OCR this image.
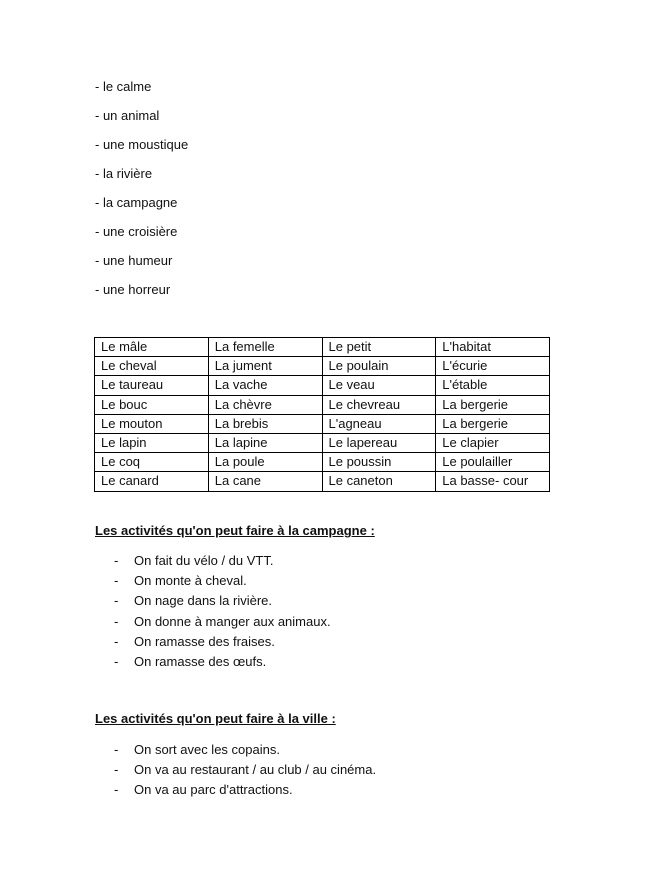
- le calme
- un animal
- une moustique
- la rivière
- la campagne
- une croisière
- une humeur
- une horreur
Le mâle	La femelle	Le petit	L'habitat
Le cheval	La jument	Le poulain	L'écurie
Le taureau	La vache	Le veau	L'étable
Le bouc	La chèvre	Le chevreau	La bergerie
Le mouton	La brebis	L'agneau	La bergerie
Le lapin	La lapine	Le lapereau	Le clapier
Le coq	La poule	Le poussin	Le poulailler
Le canard	La cane	Le caneton	La basse- cour

Les activités qu'on peut faire à la campagne :

- On fait du vélo / du VTT.
- On monte à cheval.
- On nage dans la rivière.
- On donne à manger aux animaux.
- On ramasse des fraises.
- On ramasse des œufs.

Les activités qu'on peut faire à la ville :

- On sort avec les copains.
- On va au restaurant / au club / au cinéma.
- On va au parc d'attractions.
